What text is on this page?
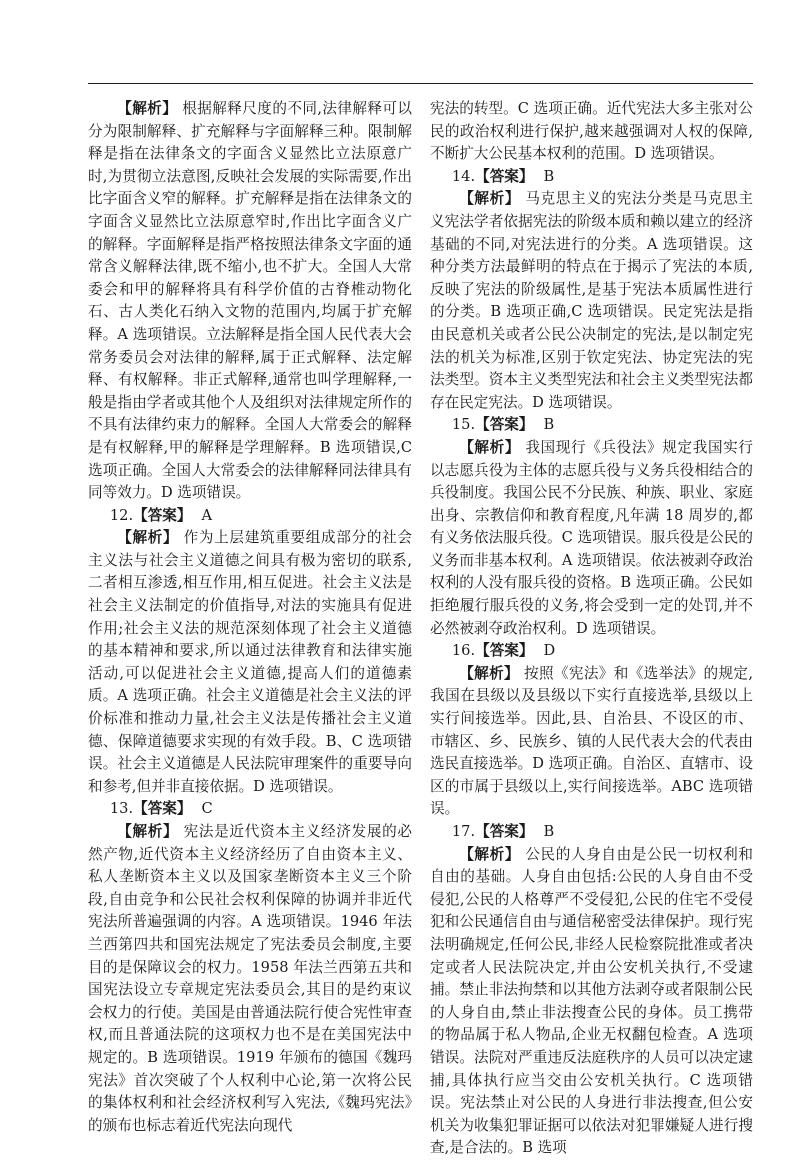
【解析】 根据解释尺度的不同,法律解释可以分为限制解释、扩充解释与字面解释三种。限制解释是指在法律条文的字面含义显然比立法原意广时,为贯彻立法意图,反映社会发展的实际需要,作出比字面含义窄的解释。扩充解释是指在法律条文的字面含义显然比立法原意窄时,作出比字面含义广的解释。字面解释是指严格按照法律条文字面的通常含义解释法律,既不缩小,也不扩大。全国人大常委会和甲的解释将具有科学价值的古脊椎动物化石、古人类化石纳入文物的范围内,均属于扩充解释。A 选项错误。立法解释是指全国人民代表大会常务委员会对法律的解释,属于正式解释、法定解释、有权解释。非正式解释,通常也叫学理解释,一般是指由学者或其他个人及组织对法律规定所作的不具有法律约束力的解释。全国人大常委会的解释是有权解释,甲的解释是学理解释。B 选项错误,C 选项正确。全国人大常委会的法律解释同法律具有同等效力。D 选项错误。

12.【答案】 A

【解析】 作为上层建筑重要组成部分的社会主义法与社会主义道德之间具有极为密切的联系,二者相互渗透,相互作用,相互促进。社会主义法是社会主义法制定的价值指导,对法的实施具有促进作用;社会主义法的规范深刻体现了社会主义道德的基本精神和要求,所以通过法律教育和法律实施活动,可以促进社会主义道德,提高人们的道德素质。A 选项正确。社会主义道德是社会主义法的评价标准和推动力量,社会主义法是传播社会主义道德、保障道德要求实现的有效手段。B、C 选项错误。社会主义道德是人民法院审理案件的重要导向和参考,但并非直接依据。D 选项错误。

13.【答案】 C

【解析】 宪法是近代资本主义经济发展的必然产物,近代资本主义经济经历了自由资本主义、私人垄断资本主义以及国家垄断资本主义三个阶段,自由竞争和公民社会权利保障的协调并非近代宪法所普遍强调的内容。A 选项错误。1946 年法兰西第四共和国宪法规定了宪法委员会制度,主要目的是保障议会的权力。1958 年法兰西第五共和国宪法设立专章规定宪法委员会,其目的是约束议会权力的行使。美国是由普通法院行使合宪性审查权,而且普通法院的这项权力也不是在美国宪法中规定的。B 选项错误。1919 年颁布的德国《魏玛宪法》首次突破了个人权利中心论,第一次将公民的集体权利和社会经济权利写入宪法,《魏玛宪法》的颁布也标志着近代宪法向现代

宪法的转型。C 选项正确。近代宪法大多主张对公民的政治权利进行保护,越来越强调对人权的保障,不断扩大公民基本权利的范围。D 选项错误。

14.【答案】 B

【解析】 马克思主义的宪法分类是马克思主义宪法学者依据宪法的阶级本质和赖以建立的经济基础的不同,对宪法进行的分类。A 选项错误。这种分类方法最鲜明的特点在于揭示了宪法的本质,反映了宪法的阶级属性,是基于宪法本质属性进行的分类。B 选项正确,C 选项错误。民定宪法是指由民意机关或者公民公决制定的宪法,是以制定宪法的机关为标准,区别于钦定宪法、协定宪法的宪法类型。资本主义类型宪法和社会主义类型宪法都存在民定宪法。D 选项错误。

15.【答案】 B

【解析】 我国现行《兵役法》规定我国实行以志愿兵役为主体的志愿兵役与义务兵役相结合的兵役制度。我国公民不分民族、种族、职业、家庭出身、宗教信仰和教育程度,凡年满 18 周岁的,都有义务依法服兵役。C 选项错误。服兵役是公民的义务而非基本权利。A 选项错误。依法被剥夺政治权利的人没有服兵役的资格。B 选项正确。公民如拒绝履行服兵役的义务,将会受到一定的处罚,并不必然被剥夺政治权利。D 选项错误。

16.【答案】 D

【解析】 按照《宪法》和《选举法》的规定,我国在县级以及县级以下实行直接选举,县级以上实行间接选举。因此,县、自治县、不设区的市、市辖区、乡、民族乡、镇的人民代表大会的代表由选民直接选举。D 选项正确。自治区、直辖市、设区的市属于县级以上,实行间接选举。ABC 选项错误。

17.【答案】 B

【解析】 公民的人身自由是公民一切权利和自由的基础。人身自由包括:公民的人身自由不受侵犯,公民的人格尊严不受侵犯,公民的住宅不受侵犯和公民通信自由与通信秘密受法律保护。现行宪法明确规定,任何公民,非经人民检察院批准或者决定或者人民法院决定,并由公安机关执行,不受逮捕。禁止非法拘禁和以其他方法剥夺或者限制公民的人身自由,禁止非法搜查公民的身体。员工携带的物品属于私人物品,企业无权翻包检查。A 选项错误。法院对严重违反法庭秩序的人员可以决定逮捕,具体执行应当交由公安机关执行。C 选项错误。宪法禁止对公民的人身进行非法搜查,但公安机关为收集犯罪证据可以依法对犯罪嫌疑人进行搜查,是合法的。B 选项
